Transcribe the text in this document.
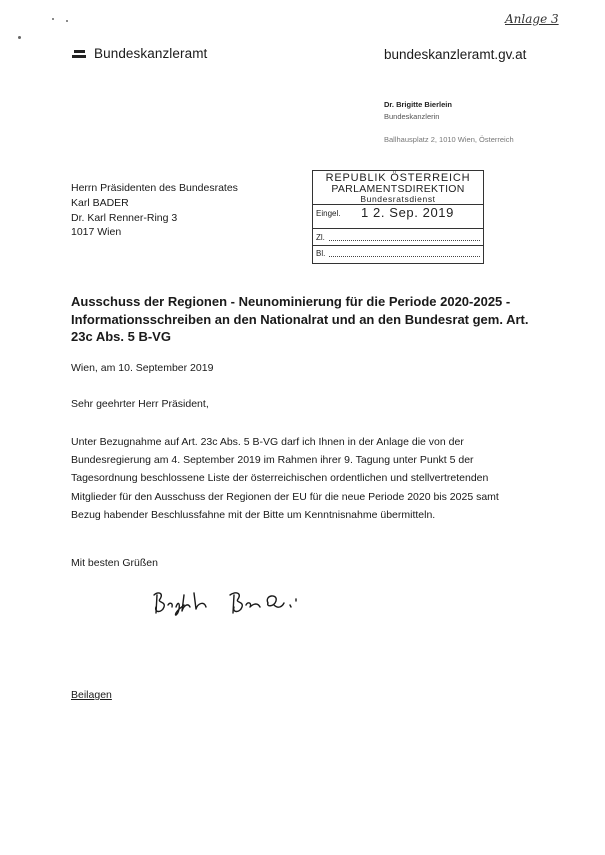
Anlage 3
Bundeskanzleramt	bundeskanzleramt.gv.at
Dr. Brigitte Bierlein
Bundeskanzlerin
Ballhausplatz 2, 1010 Wien, Österreich
Herrn Präsidenten des Bundesrates
Karl BADER
Dr. Karl Renner-Ring 3
1017 Wien
REPUBLIK ÖSTERREICH
PARLAMENTSDIREKTION
Bundesratsdienst
Eingel. 1 2. Sep. 2019
Zl.
Bl.
Ausschuss der Regionen - Neunominierung für die Periode 2020-2025 - Informationsschreiben an den Nationalrat und an den Bundesrat gem. Art. 23c Abs. 5 B-VG
Wien, am 10. September 2019
Sehr geehrter Herr Präsident,
Unter Bezugnahme auf Art. 23c Abs. 5 B-VG darf ich Ihnen in der Anlage die von der Bundesregierung am 4. September 2019 im Rahmen ihrer 9. Tagung unter Punkt 5 der Tagesordnung beschlossene Liste der österreichischen ordentlichen und stellvertretenden Mitglieder für den Ausschuss der Regionen der EU für die neue Periode 2020 bis 2025 samt Bezug habender Beschlussfahne mit der Bitte um Kenntnisnahme übermitteln.
Mit besten Grüßen
Beilagen
